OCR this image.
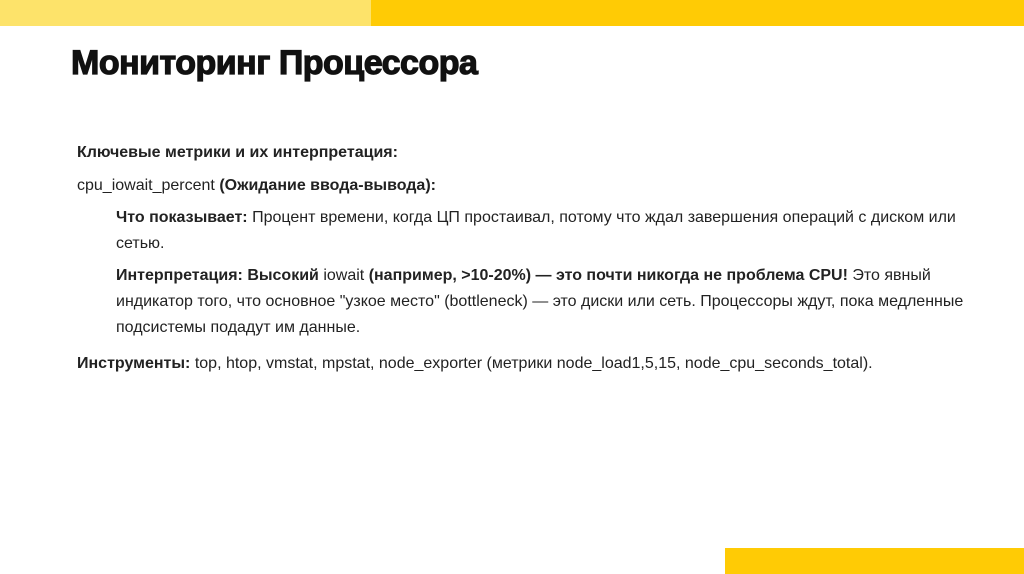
Мониторинг Процессора

Ключевые метрики и их интерпретация:

cpu_iowait_percent (Ожидание ввода-вывода):

Что показывает: Процент времени, когда ЦП простаивал, потому что ждал завершения операций с диском или сетью.

Интерпретация: Высокий iowait (например, >10-20%) — это почти никогда не проблема CPU! Это явный индикатор того, что основное "узкое место" (bottleneck) — это диски или сеть. Процессоры ждут, пока медленные подсистемы подадут им данные.

Инструменты: top, htop, vmstat, mpstat, node_exporter (метрики node_load1,5,15, node_cpu_seconds_total).
